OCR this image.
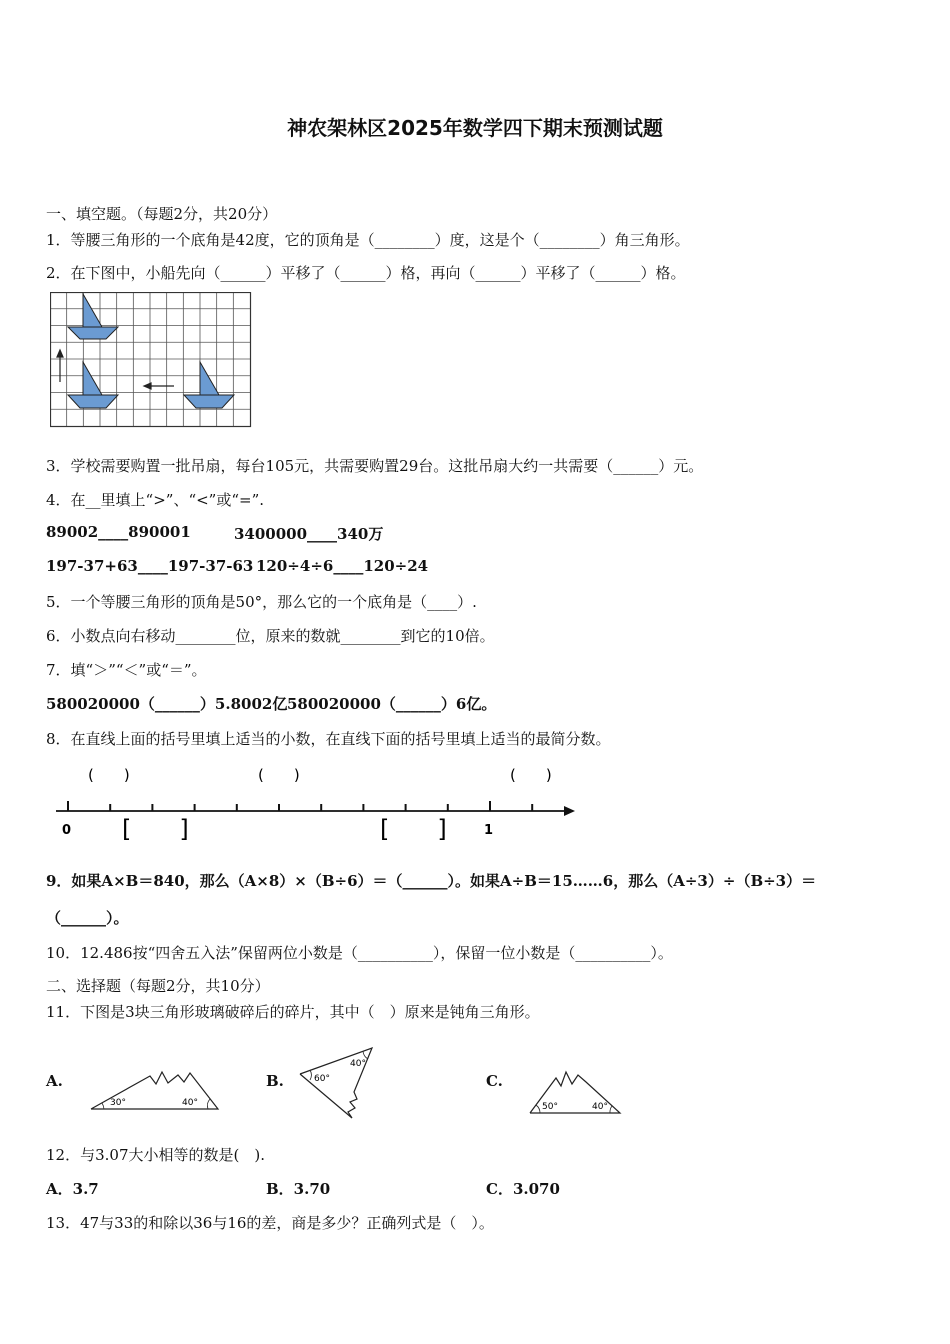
神农架林区2025年数学四下期末预测试题
一、填空题。（每题2分，共20分）
1．等腰三角形的一个底角是42度，它的顶角是（________）度，这是个（________）角三角形。
2．在下图中，小船先向（______）平移了（______）格，再向（______）平移了（______）格。
3．学校需要购置一批吊扇，每台105元，共需要购置29台。这批吊扇大约一共需要（______）元。
4．在__里填上“>”、“<”或“=”.
89002____890001	3400000____340万
197-37+63____197-37-63 120÷4÷6____120÷24
5．一个等腰三角形的顶角是50°，那么它的一个底角是（____）.
6．小数点向右移动________位，原来的数就________到它的10倍。
7．填“＞”“＜”或“＝”。
580020000（______）5.8002亿 580020000（______）6亿。
8．在直线上面的括号里填上适当的小数，在直线下面的括号里填上适当的最简分数。
(　　)	(　　)	(　　)
0	1
[　　]	[　　]
9．如果A×B＝840，那么（A×8）×（B÷6）＝（______）。如果A÷B＝15……6，那么（A÷3）÷（B÷3）＝
（______）。
10．12.486按“四舍五入法”保留两位小数是（__________），保留一位小数是（__________）。
二、选择题（每题2分，共10分）
11．下图是3块三角形玻璃破碎后的碎片，其中（　）原来是钝角三角形。
A.
30°	40°
B.	60°
40°
C.
50°	40°
12．与3.07大小相等的数是(　).
A．3.7	B．3.70	C．3.070
13．47与33的和除以36与16的差，商是多少？正确列式是（　）。
